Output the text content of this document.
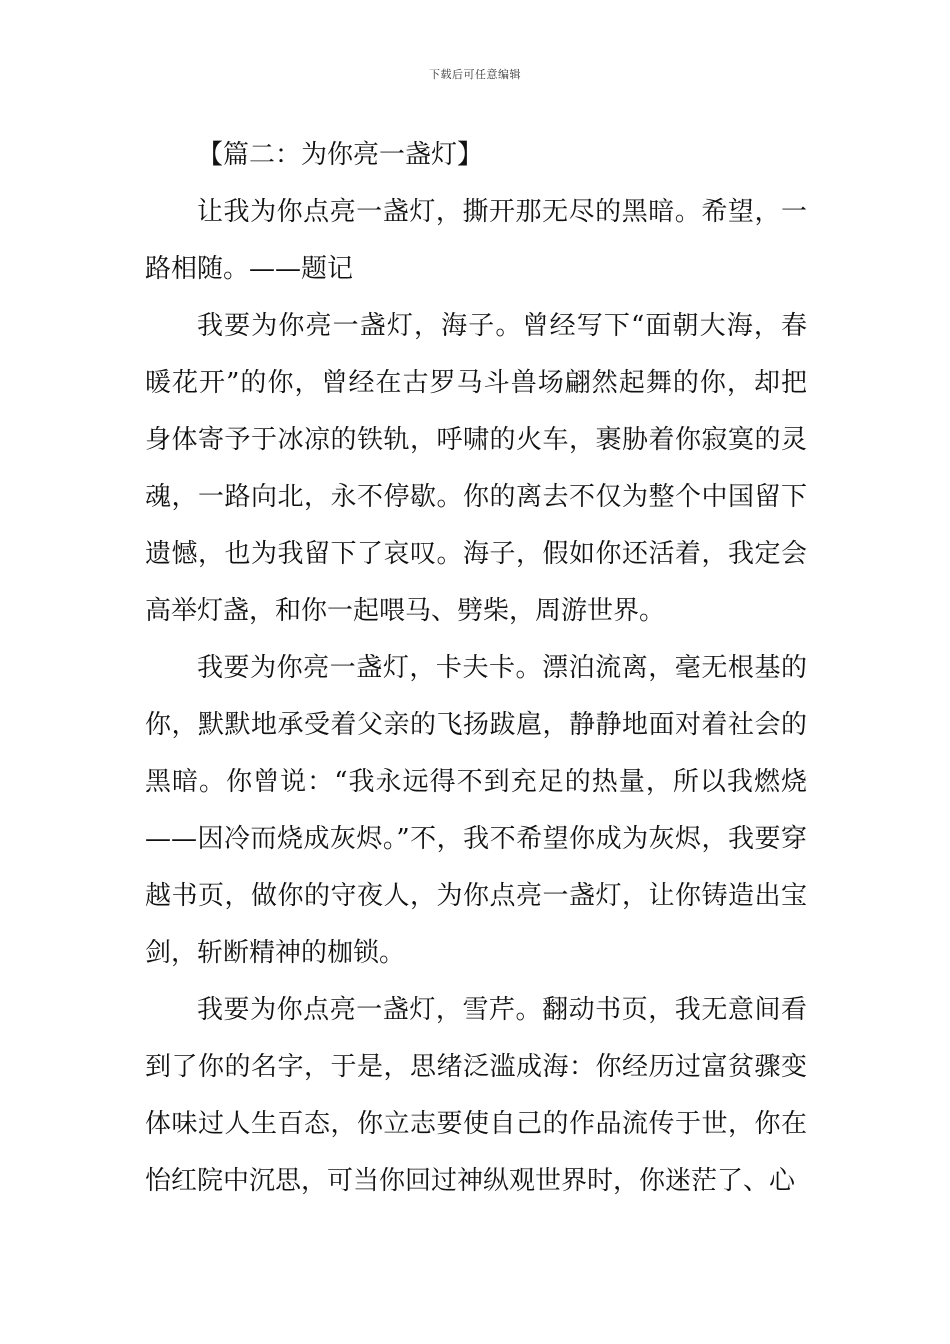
下载后可任意编辑

【篇二：为你亮一盏灯】

让我为你点亮一盏灯，撕开那无尽的黑暗。希望，一路相随。——题记

我要为你亮一盏灯，海子。曾经写下“面朝大海，春暖花开”的你，曾经在古罗马斗兽场翩然起舞的你，却把身体寄予于冰凉的铁轨，呼啸的火车，裹胁着你寂寞的灵魂，一路向北，永不停歇。你的离去不仅为整个中国留下遗憾，也为我留下了哀叹。海子，假如你还活着，我定会高举灯盏，和你一起喂马、劈柴，周游世界。

我要为你亮一盏灯，卡夫卡。漂泊流离，毫无根基的你，默默地承受着父亲的飞扬跋扈，静静地面对着社会的黑暗。你曾说：“我永远得不到充足的热量，所以我燃烧——因冷而烧成灰烬。”不，我不希望你成为灰烬，我要穿越书页，做你的守夜人，为你点亮一盏灯，让你铸造出宝剑，斩断精神的枷锁。

我要为你点亮一盏灯，雪芹。翻动书页，我无意间看到了你的名字，于是，思绪泛滥成海：你经历过富贫骤变体味过人生百态，你立志要使自己的作品流传于世，你在怡红院中沉思，可当你回过神纵观世界时，你迷茫了、心
